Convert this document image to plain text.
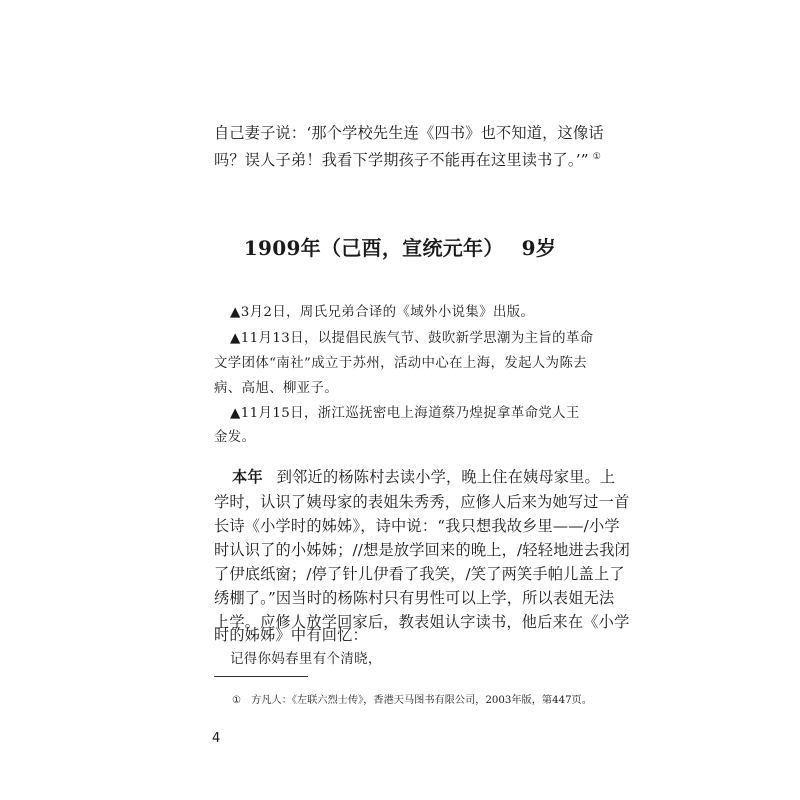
自己妻子说：‘那个学校先生连《四书》也不知道，这像话
吗？误人子弟！我看下学期孩子不能再在这里读书了。’” ①
1909年（己酉，宣统元年） 9岁
▲3月2日，周氏兄弟合译的《域外小说集》出版。
▲11月13日，以提倡民族气节、鼓吹新学思潮为主旨的革命
文学团体“南社”成立于苏州，活动中心在上海，发起人为陈去
病、高旭、柳亚子。
▲11月15日，浙江巡抚密电上海道蔡乃煌捉拿革命党人王
金发。
本年 到邻近的杨陈村去读小学，晚上住在姨母家里。上
学时，认识了姨母家的表姐朱秀秀，应修人后来为她写过一首
长诗《小学时的姊姊》，诗中说：“我只想我故乡里——/小学
时认识了的小姊姊；//想是放学回来的晚上，/轻轻地进去我闭
了伊底纸窗；/停了针儿伊看了我笑，/笑了两笑手帕儿盖上了
绣棚了。”因当时的杨陈村只有男性可以上学，所以表姐无法
上学。应修人放学回家后，教表姐认字读书，他后来在《小学
时的姊姊》中有回忆：
记得你妈春里有个清晓，
① 方凡人：《左联六烈士传》，香港天马图书有限公司，2003年版，第447页。
4
